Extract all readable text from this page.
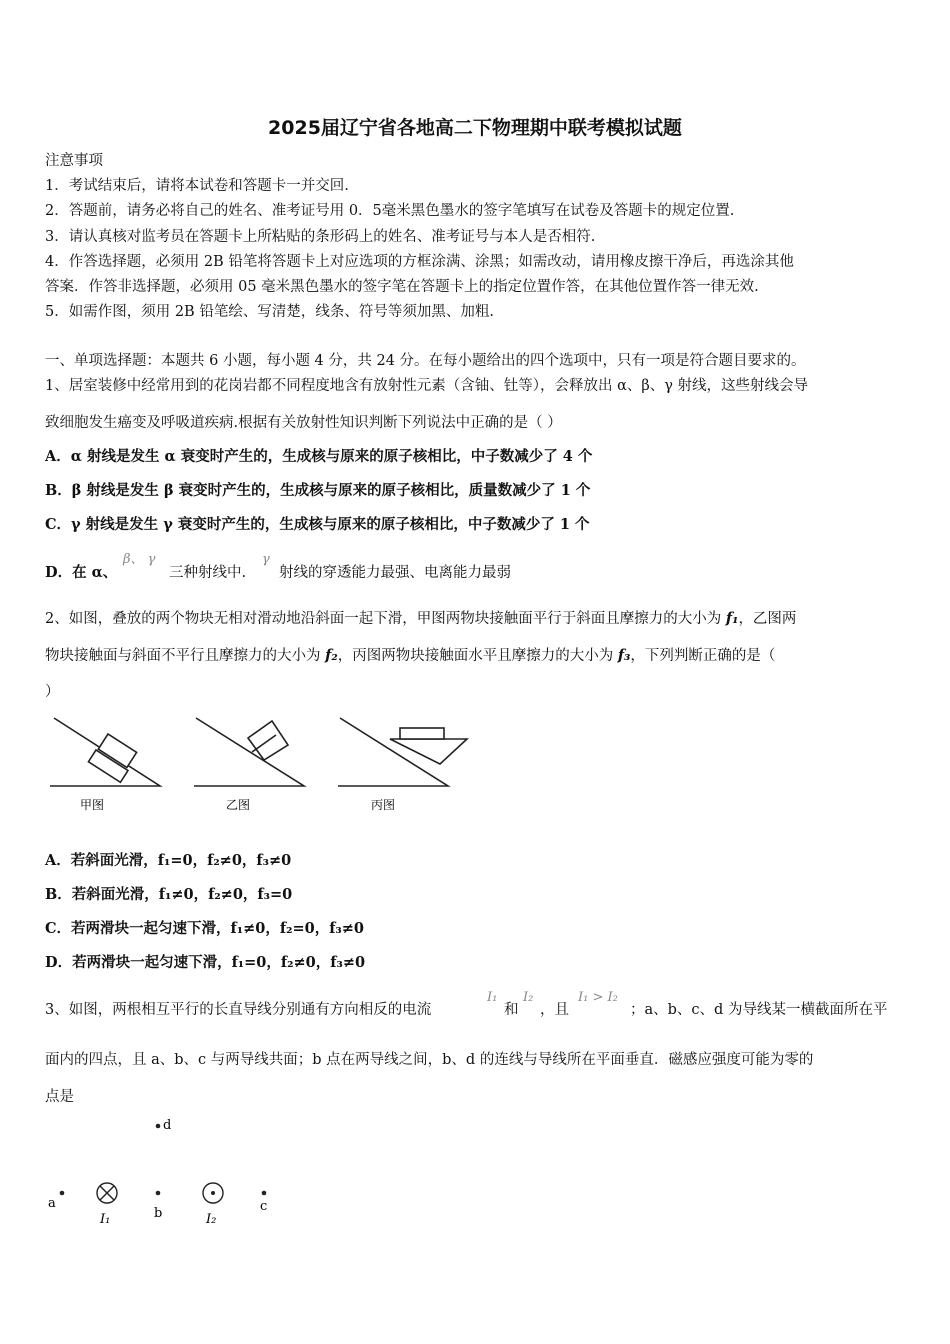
2025届辽宁省各地高二下物理期中联考模拟试题
注意事项
1．考试结束后，请将本试卷和答题卡一并交回.
2．答题前，请务必将自己的姓名、准考证号用 0．5毫米黑色墨水的签字笔填写在试卷及答题卡的规定位置.
3．请认真核对监考员在答题卡上所粘贴的条形码上的姓名、准考证号与本人是否相符.
4．作答选择题，必须用 2B 铅笔将答题卡上对应选项的方框涂满、涂黑；如需改动，请用橡皮擦干净后，再选涂其他
答案．作答非选择题，必须用 05 毫米黑色墨水的签字笔在答题卡上的指定位置作答，在其他位置作答一律无效.
5．如需作图，须用 2B 铅笔绘、写清楚，线条、符号等须加黑、加粗.
一、单项选择题：本题共 6 小题，每小题 4 分，共 24 分。在每小题给出的四个选项中，只有一项是符合题目要求的。
1、居室装修中经常用到的花岗岩都不同程度地含有放射性元素（含铀、钍等），会释放出 α、β、γ 射线，这些射线会导
致细胞发生癌变及呼吸道疾病.根据有关放射性知识判断下列说法中正确的是（ ）
A．α 射线是发生 α 衰变时产生的，生成核与原来的原子核相比，中子数减少了 4 个
B．β 射线是发生 β 衰变时产生的，生成核与原来的原子核相比，质量数减少了 1 个
C．γ 射线是发生 γ 衰变时产生的，生成核与原来的原子核相比，中子数减少了 1 个
D．在 α、
β、 γ
三种射线中.
γ
射线的穿透能力最强、电离能力最弱
2、如图，叠放的两个物块无相对滑动地沿斜面一起下滑，甲图两物块接触面平行于斜面且摩擦力的大小为 f₁，乙图两
物块接触面与斜面不平行且摩擦力的大小为 f₂，丙图两物块接触面水平且摩擦力的大小为 f₃，下列判断正确的是（
）
甲图	乙图	丙图
A．若斜面光滑，f₁=0，f₂≠0，f₃≠0
B．若斜面光滑，f₁≠0，f₂≠0，f₃=0
C．若两滑块一起匀速下滑，f₁≠0，f₂=0，f₃≠0
D．若两滑块一起匀速下滑，f₁=0，f₂≠0，f₃≠0
3、如图，两根相互平行的长直导线分别通有方向相反的电流
I₁
和
I₂
，且
I₁ > I₂
；a、b、c、d 为导线某一横截面所在平
面内的四点，且 a、b、c 与两导线共面；b 点在两导线之间，b、d 的连线与导线所在平面垂直．磁感应强度可能为零的
点是
d
a
I₁	b	I₂
c
